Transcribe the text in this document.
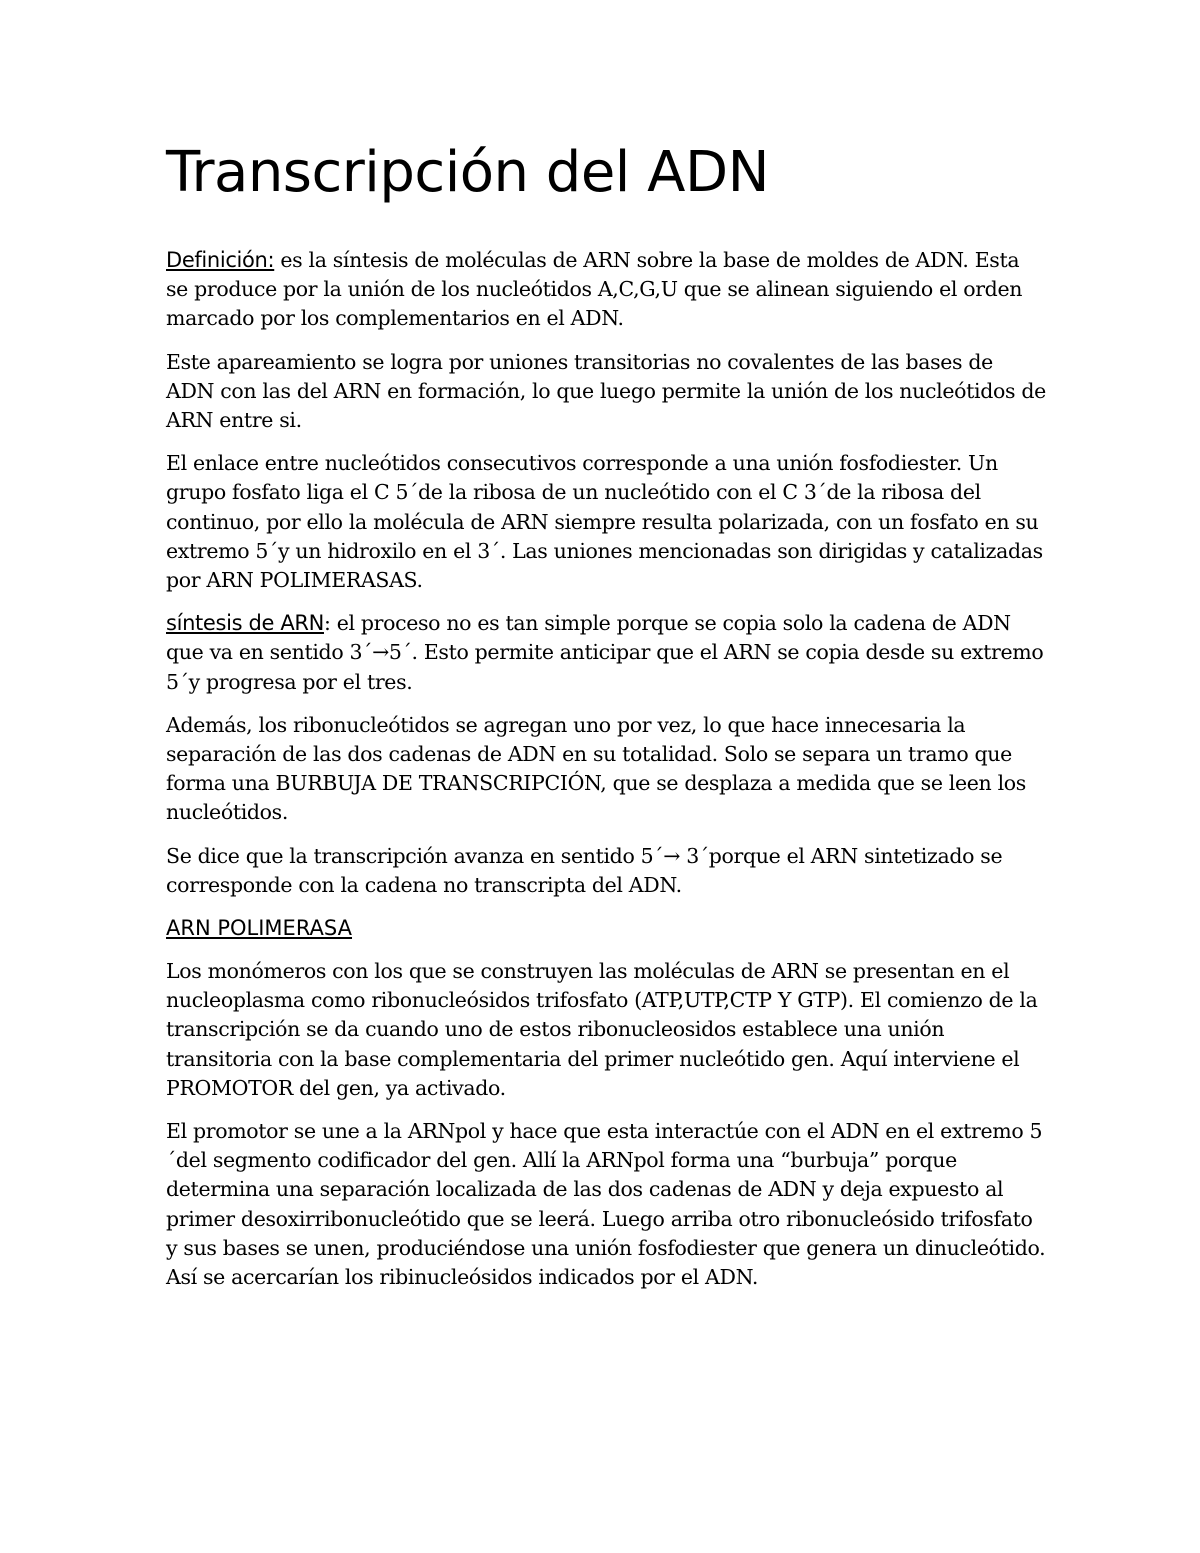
Transcripción del ADN

Definición: es la síntesis de moléculas de ARN sobre la base de moldes de ADN. Esta se produce por la unión de los nucleótidos A,C,G,U que se alinean siguiendo el orden marcado por los complementarios en el ADN.

Este apareamiento se logra por uniones transitorias no covalentes de las bases de ADN con las del ARN en formación, lo que luego permite la unión de los nucleótidos de ARN entre si.

El enlace entre nucleótidos consecutivos corresponde a una unión fosfodiester. Un grupo fosfato liga el C 5´de la ribosa de un nucleótido con el C 3´de la ribosa del continuo, por ello la molécula de ARN siempre resulta polarizada, con un fosfato en su extremo 5´y un hidroxilo en el 3´. Las uniones mencionadas son dirigidas y catalizadas por ARN POLIMERASAS.

síntesis de ARN: el proceso no es tan simple porque se copia solo la cadena de ADN que va en sentido 3´→5´. Esto permite anticipar que el ARN se copia desde su extremo 5´y progresa por el tres.

Además, los ribonucleótidos se agregan uno por vez, lo que hace innecesaria la separación de las dos cadenas de ADN en su totalidad. Solo se separa un tramo que forma una BURBUJA DE TRANSCRIPCIÓN, que se desplaza a medida que se leen los nucleótidos.

Se dice que la transcripción avanza en sentido 5´→ 3´porque el ARN sintetizado se corresponde con la cadena no transcripta del ADN.

ARN POLIMERASA

Los monómeros con los que se construyen las moléculas de ARN se presentan en el nucleoplasma como ribonucleósidos trifosfato (ATP,UTP,CTP Y GTP). El comienzo de la transcripción se da cuando uno de estos ribonucleosidos establece una unión transitoria con la base complementaria del primer nucleótido gen. Aquí interviene el PROMOTOR del gen, ya activado.

El promotor se une a la ARNpol y hace que esta interactúe con el ADN en el extremo 5´del segmento codificador del gen. Allí la ARNpol forma una “burbuja” porque determina una separación localizada de las dos cadenas de ADN y deja expuesto al primer desoxirribonucleótido que se leerá. Luego arriba otro ribonucleósido trifosfato y sus bases se unen, produciéndose una unión fosfodiester que genera un dinucleótido. Así se acercarían los ribinucleósidos indicados por el ADN.
